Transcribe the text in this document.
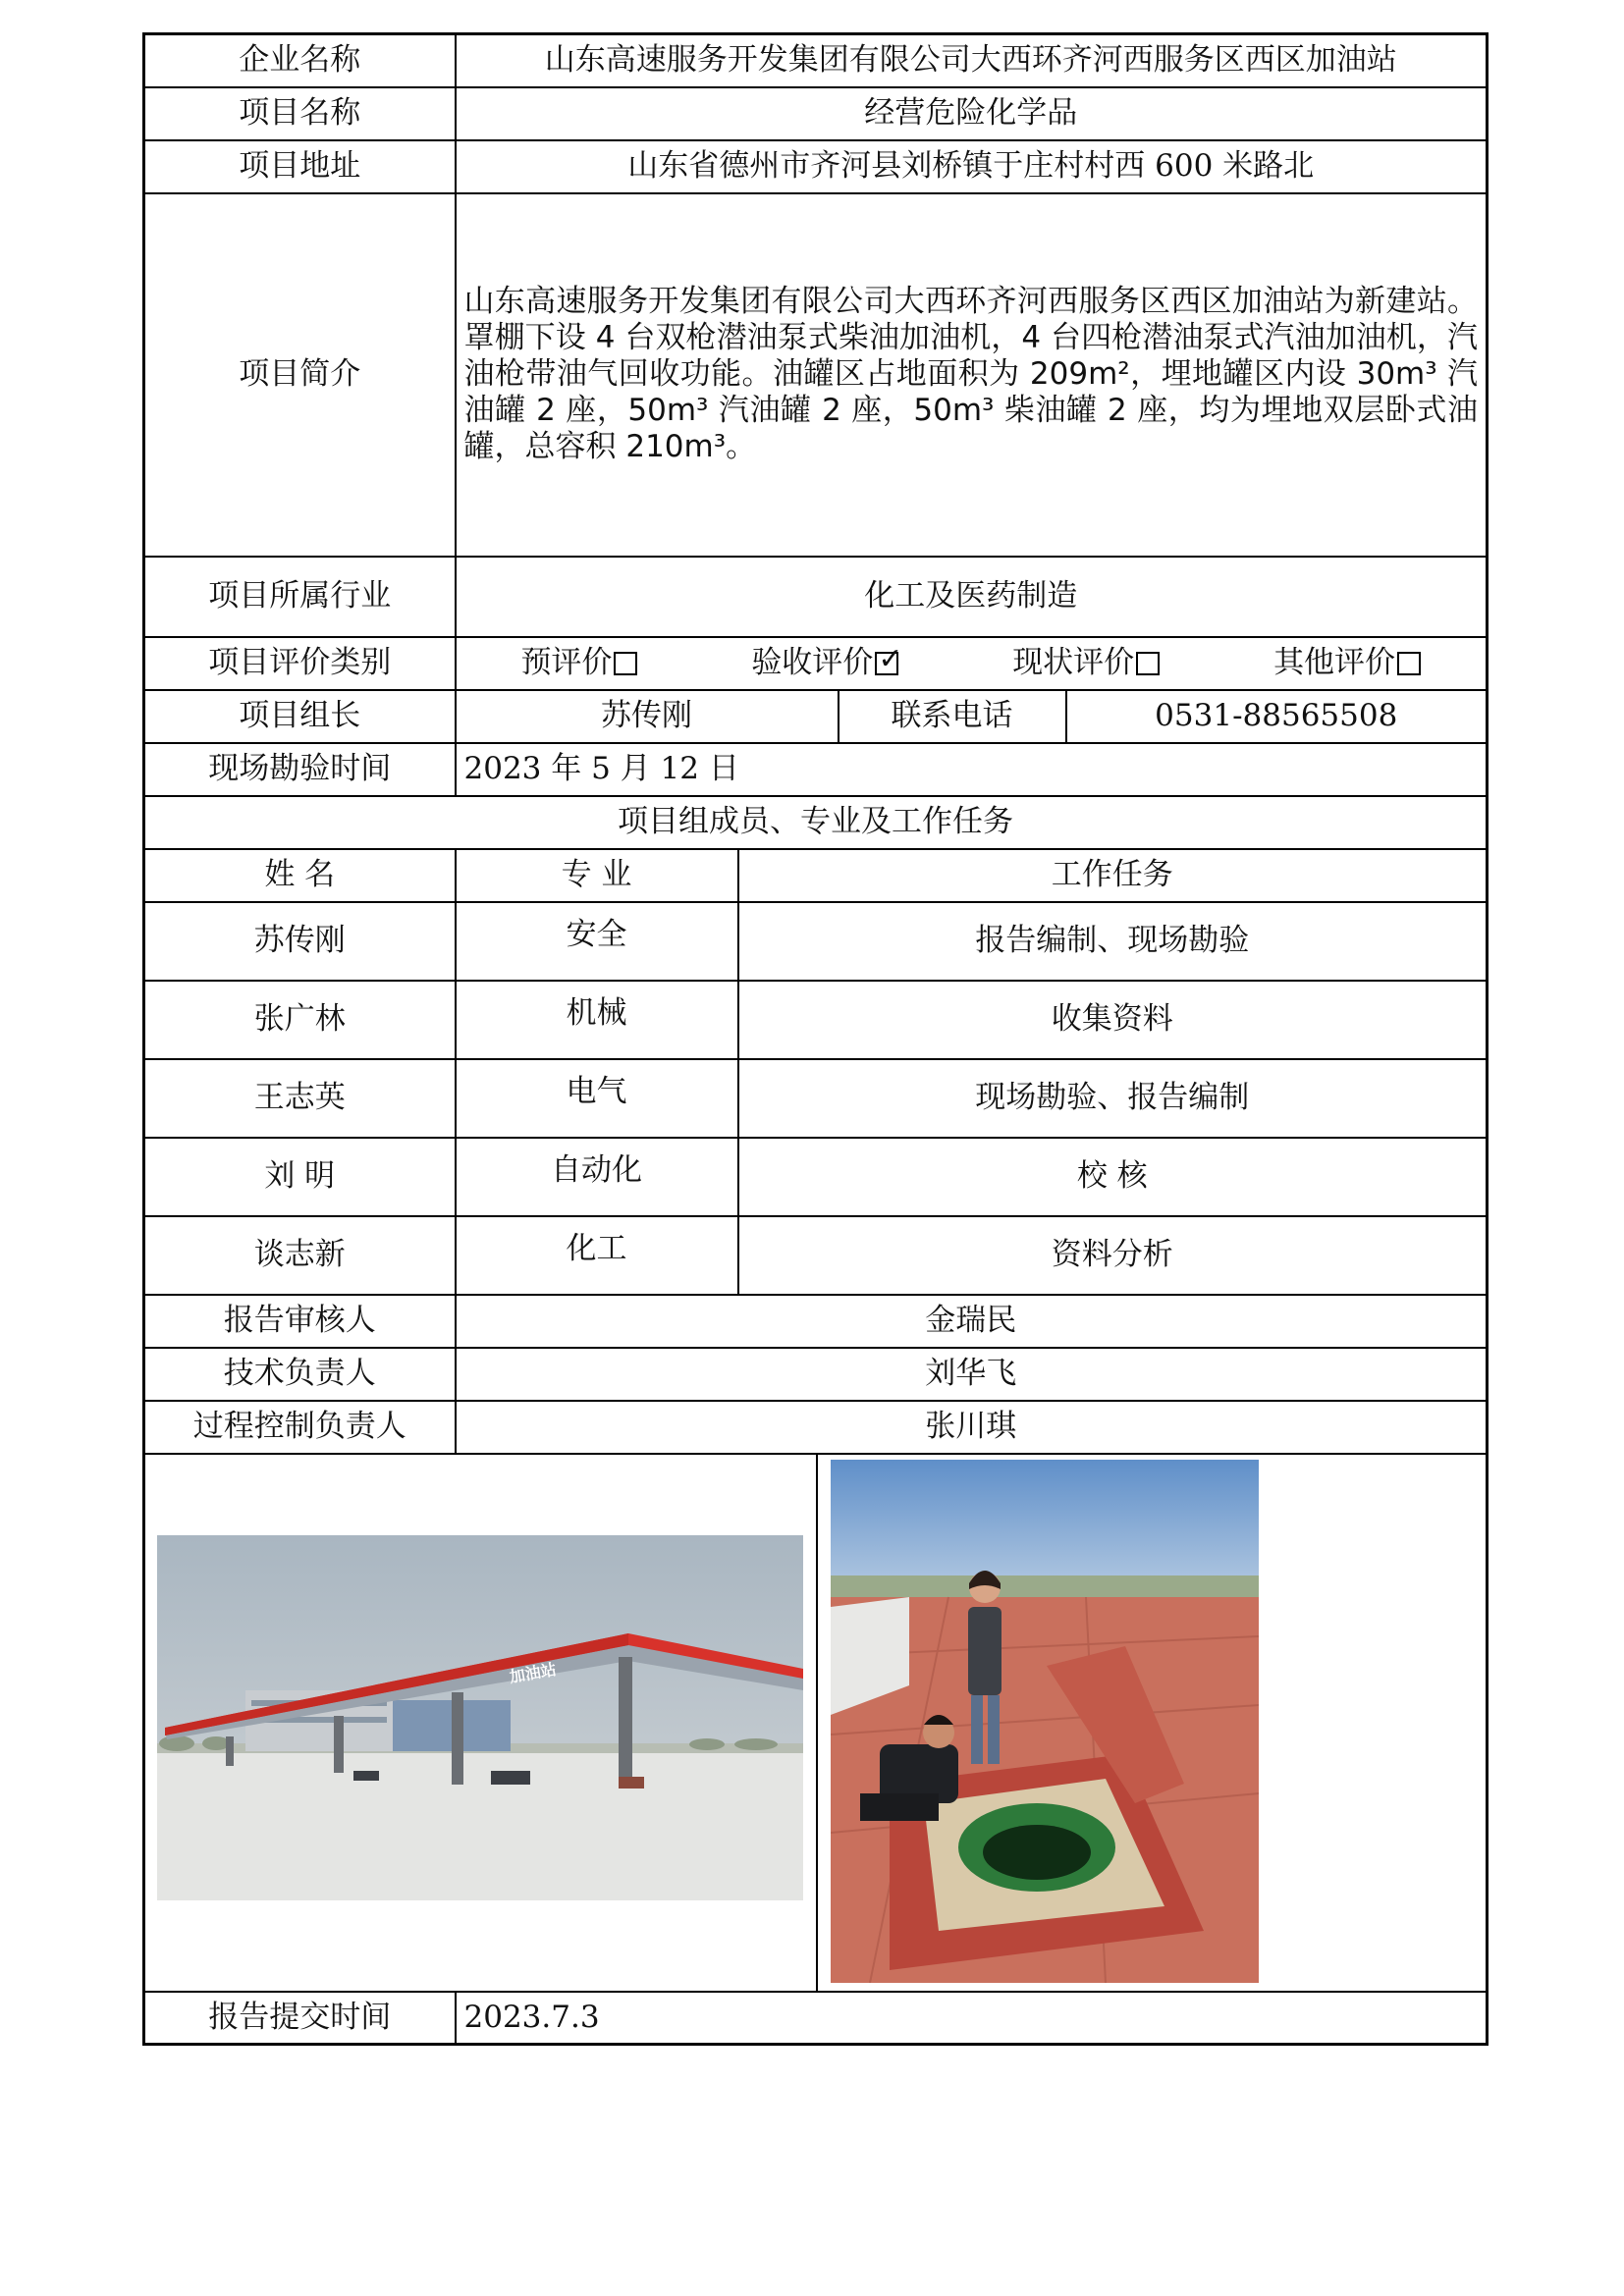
企业名称	山东高速服务开发集团有限公司大西环齐河西服务区西区加油站			
项目名称	经营危险化学品			
项目地址	山东省德州市齐河县刘桥镇于庄村村西 600 米路北			
项目简介	山东高速服务开发集团有限公司大西环齐河西服务区西区加油站为新建站。罩棚下设 4 台双枪潜油泵式柴油加油机，4 台四枪潜油泵式汽油加油机，汽油枪带油气回收功能。油罐区占地面积为 209m²，埋地罐区内设 30m³ 汽油罐 2 座，50m³ 汽油罐 2 座，50m³ 柴油罐 2 座，均为埋地双层卧式油罐，总容积 210m³。			
项目所属行业	化工及医药制造			
项目评价类别	预评价 验收评价 ✓ 现状评价 其他评价

项目组长	苏传刚		联系电话	0531-88565508
现场勘验时间	2023 年 5 月 12 日			
项目组成员、专业及工作任务				
姓 名	专 业	工作任务		
苏传刚	安全	报告编制、现场勘验		
张广林	机械	收集资料		
王志英	电气	现场勘验、报告编制		
刘 明	自动化	校 核		
谈志新	化工	资料分析		
报告审核人	金瑞民			
技术负责人	刘华飞			
过程控制负责人	张川琪			

加油站				

报告提交时间	2023.7.3			
